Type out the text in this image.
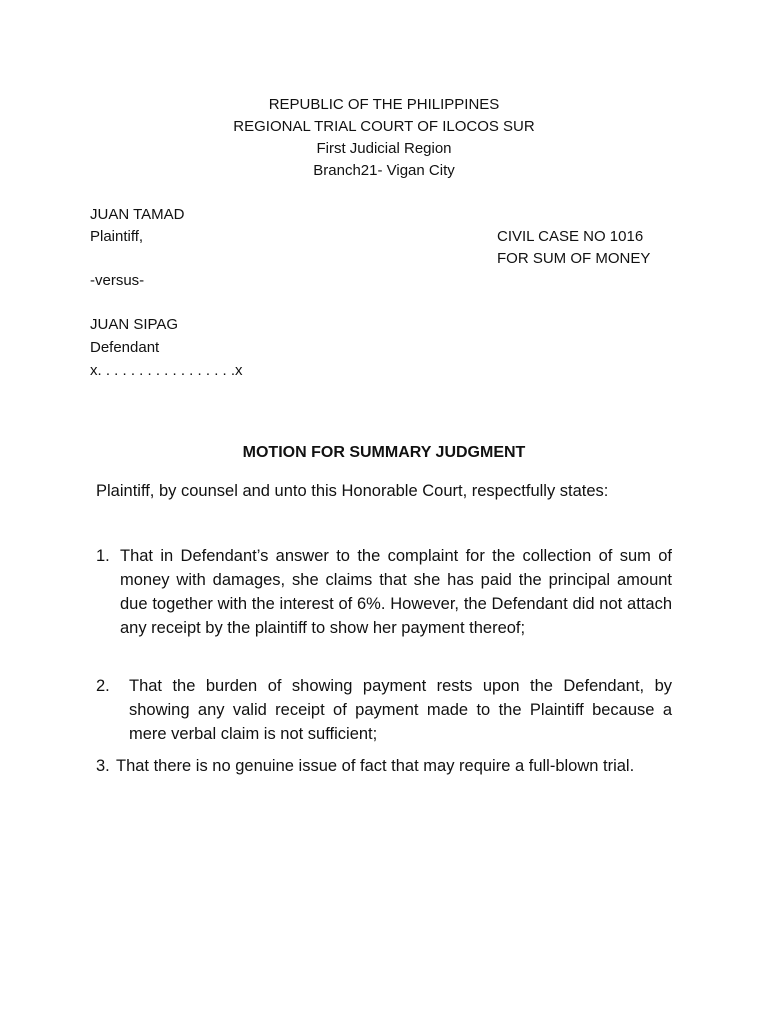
REPUBLIC OF THE PHILIPPINES
REGIONAL TRIAL COURT OF ILOCOS SUR
First Judicial Region
Branch21- Vigan City
JUAN TAMAD
Plaintiff,
-versus-
JUAN SIPAG
Defendant
x. . . . . . . . . . . . . . . . .x
CIVIL CASE NO 1016
FOR SUM OF MONEY
MOTION FOR SUMMARY JUDGMENT
Plaintiff, by counsel and unto this Honorable Court, respectfully states:
1. That in Defendant’s answer to the complaint for the collection of sum of money with damages, she claims that she has paid the principal amount due together with the interest of 6%. However, the Defendant did not attach any receipt by the plaintiff to show her payment thereof;
2.	That the burden of showing payment rests upon the Defendant, by showing any valid receipt of payment made to the Plaintiff because a mere verbal claim is not sufficient;
3. That there is no genuine issue of fact that may require a full-blown trial.
